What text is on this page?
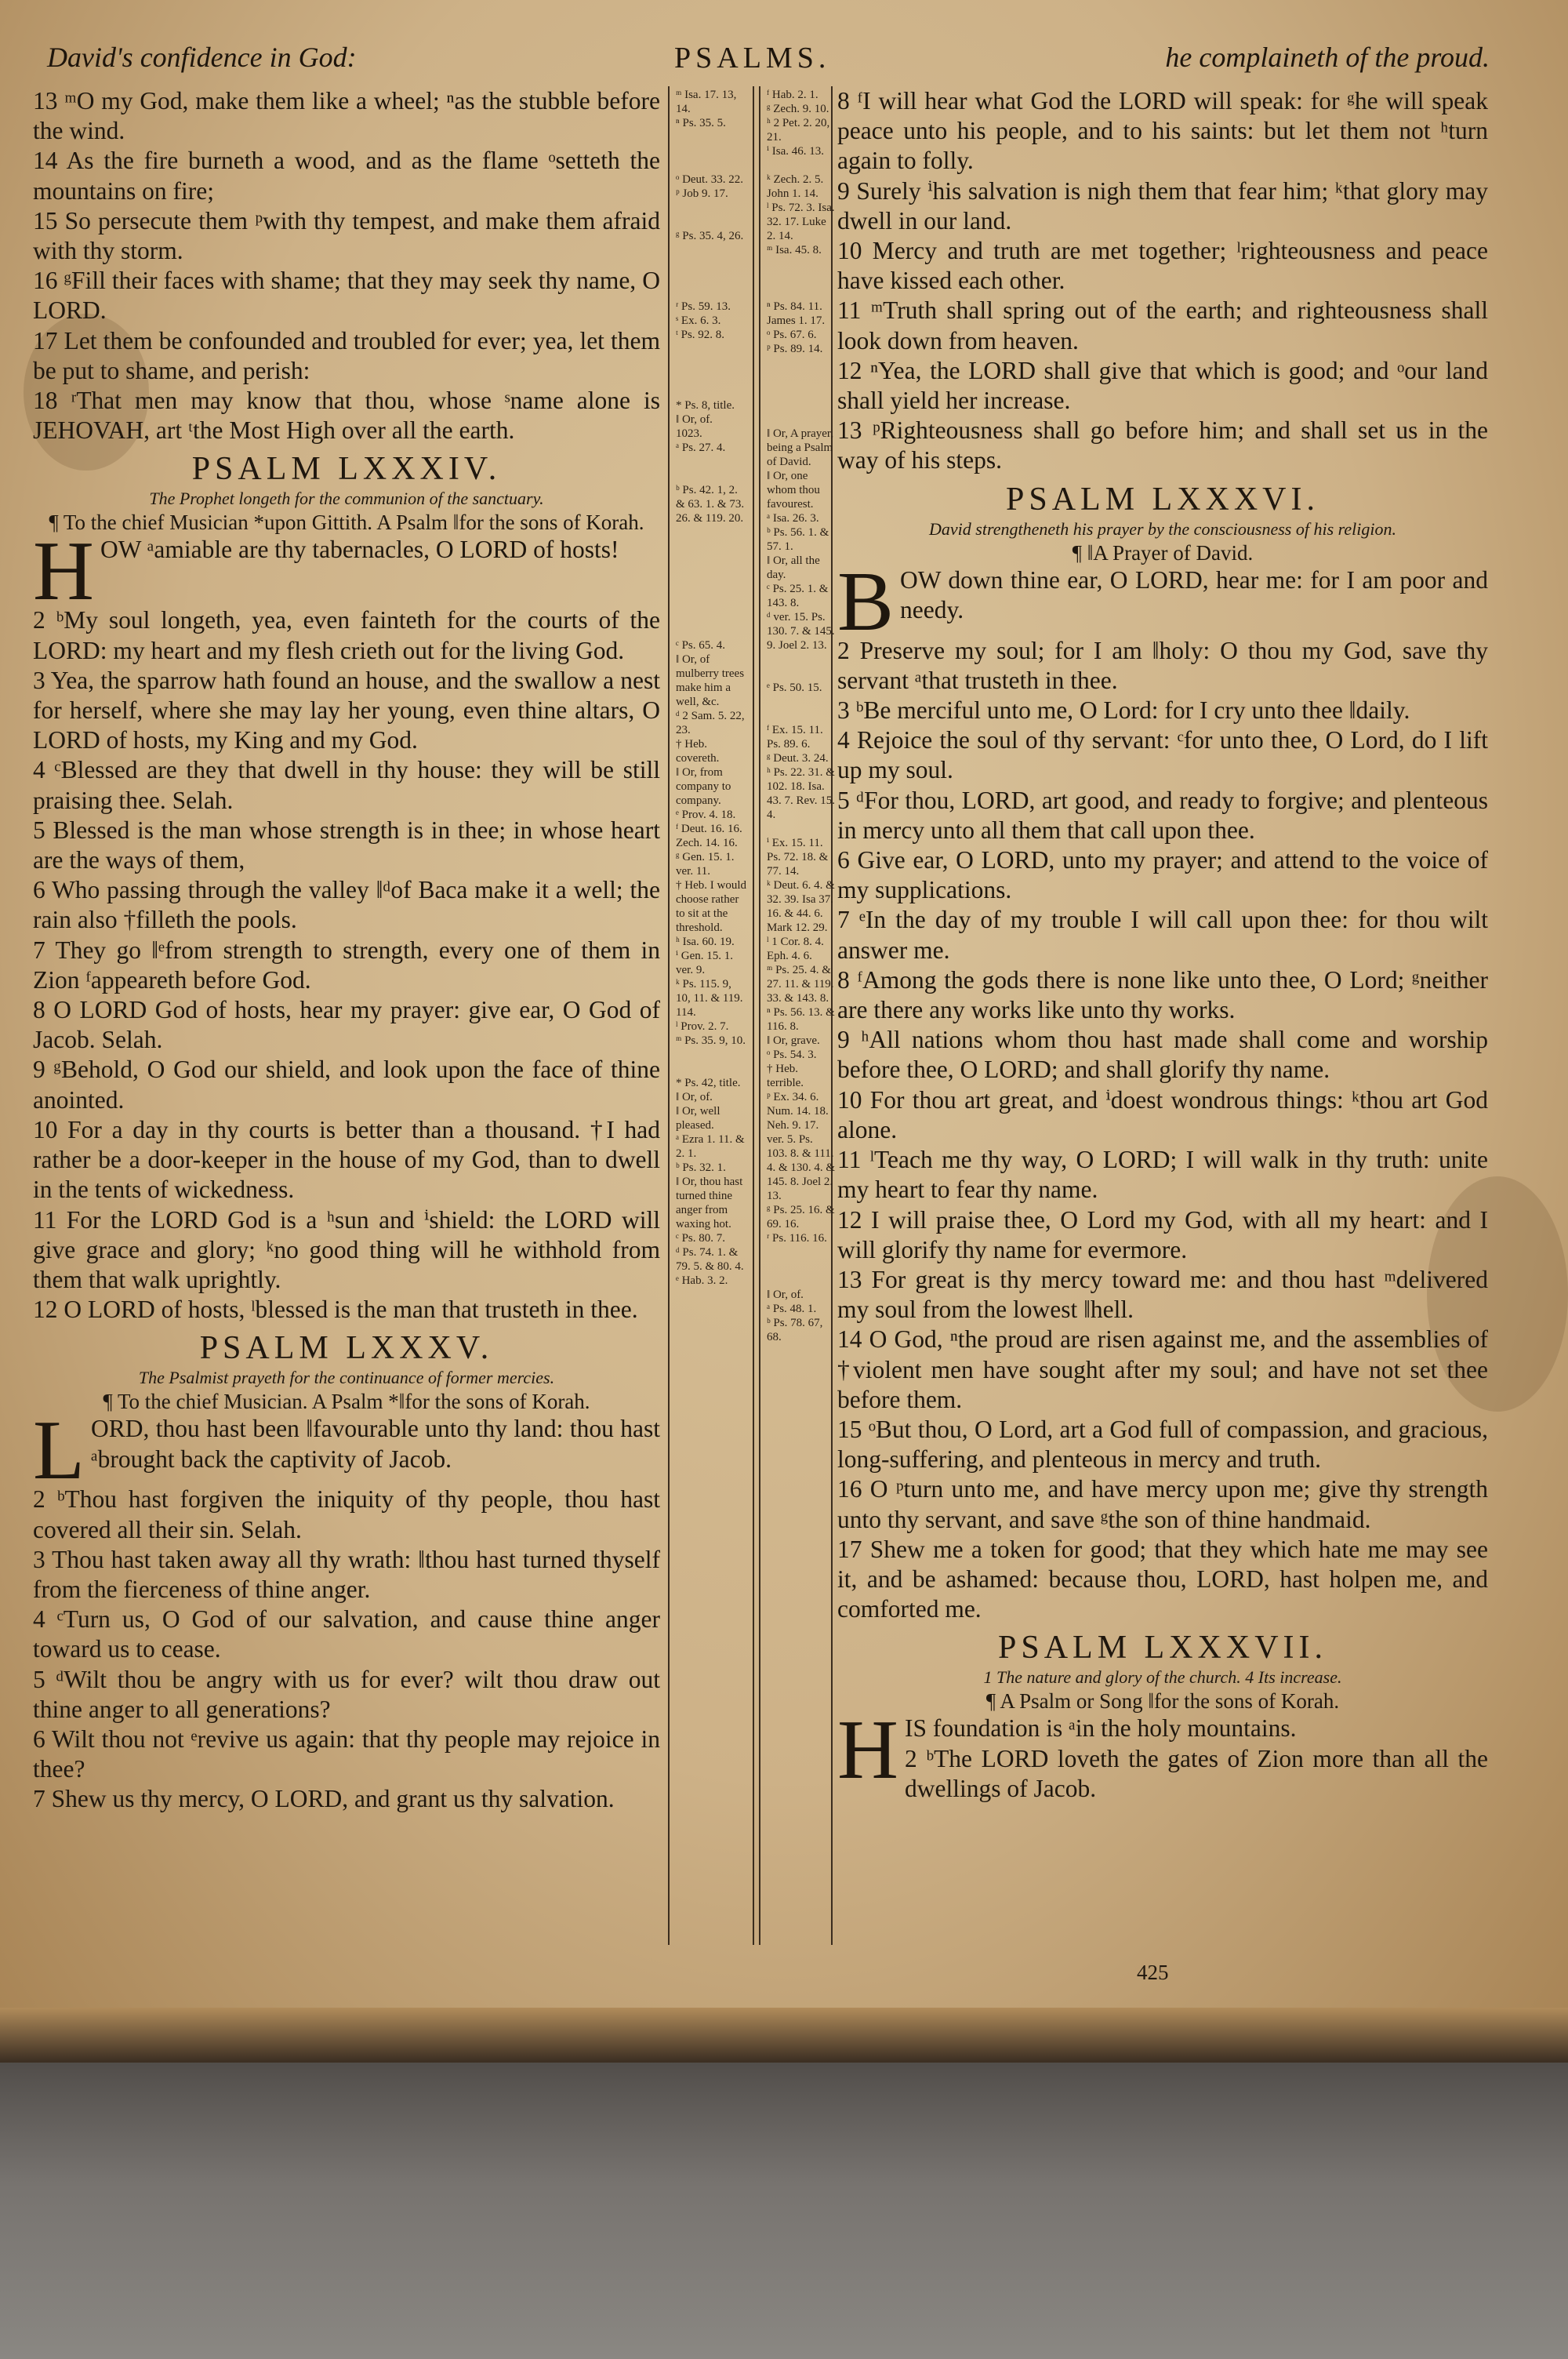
David's confidence in God:	PSALMS.	he complaineth of the proud.
ᵐ Isa. 17. 13, 14.
ⁿ Ps. 35. 5.

ᵒ Deut. 33. 22.
ᵖ Job 9. 17.

ᵍ Ps. 35. 4, 26.

ʳ Ps. 59. 13.
ˢ Ex. 6. 3.
ᵗ Ps. 92. 8.

* Ps. 8, title.
‖ Or, of.
1023.
ᵃ Ps. 27. 4.

ᵇ Ps. 42. 1, 2. & 63. 1. & 73. 26. & 119. 20.

ᶜ Ps. 65. 4.
‖ Or, of mulberry trees make him a well, &c.
ᵈ 2 Sam. 5. 22, 23.
† Heb. covereth.
‖ Or, from company to company.
ᵉ Prov. 4. 18.
ᶠ Deut. 16. 16. Zech. 14. 16.
ᵍ Gen. 15. 1. ver. 11.
† Heb. I would choose rather to sit at the threshold.
ʰ Isa. 60. 19.
ⁱ Gen. 15. 1. ver. 9.
ᵏ Ps. 115. 9, 10, 11. & 119. 114.
ˡ Prov. 2. 7.
ᵐ Ps. 35. 9, 10.

* Ps. 42, title.
‖ Or, of.
‖ Or, well pleased.
ᵃ Ezra 1. 11. & 2. 1.
ᵇ Ps. 32. 1.
‖ Or, thou hast turned thine anger from waxing hot.
ᶜ Ps. 80. 7.
ᵈ Ps. 74. 1. & 79. 5. & 80. 4.
ᵉ Hab. 3. 2.
ᶠ Hab. 2. 1.
ᵍ Zech. 9. 10.
ʰ 2 Pet. 2. 20, 21.
ⁱ Isa. 46. 13.

ᵏ Zech. 2. 5. John 1. 14.
ˡ Ps. 72. 3. Isa. 32. 17. Luke 2. 14.
ᵐ Isa. 45. 8.

ⁿ Ps. 84. 11. James 1. 17.
ᵒ Ps. 67. 6.
ᵖ Ps. 89. 14.

‖ Or, A prayer, being a Psalm of David.
‖ Or, one whom thou favourest.
ᵃ Isa. 26. 3.
ᵇ Ps. 56. 1. & 57. 1.
‖ Or, all the day.
ᶜ Ps. 25. 1. & 143. 8.
ᵈ ver. 15. Ps. 130. 7. & 145. 9. Joel 2. 13.

ᵉ Ps. 50. 15.

ᶠ Ex. 15. 11. Ps. 89. 6.
ᵍ Deut. 3. 24.
ʰ Ps. 22. 31. & 102. 18. Isa. 43. 7. Rev. 15. 4.

ⁱ Ex. 15. 11. Ps. 72. 18. & 77. 14.
ᵏ Deut. 6. 4. & 32. 39. Isa 37. 16. & 44. 6. Mark 12. 29.
ˡ 1 Cor. 8. 4. Eph. 4. 6.
ᵐ Ps. 25. 4. & 27. 11. & 119. 33. & 143. 8.
ⁿ Ps. 56. 13. & 116. 8.
‖ Or, grave.
ᵒ Ps. 54. 3.
† Heb. terrible.
ᵖ Ex. 34. 6. Num. 14. 18. Neh. 9. 17. ver. 5. Ps. 103. 8. & 111. 4. & 130. 4. & 145. 8. Joel 2. 13.
ᵍ Ps. 25. 16. & 69. 16.
ʳ Ps. 116. 16.

‖ Or, of.
ᵃ Ps. 48. 1.
ᵇ Ps. 78. 67, 68.

13 ᵐO my God, make them like a wheel; ⁿas the stubble before the wind.

14 As the fire burneth a wood, and as the flame ᵒsetteth the mountains on fire;

15 So persecute them ᵖwith thy tempest, and make them afraid with thy storm.

16 ᵍFill their faces with shame; that they may seek thy name, O LORD.

17 Let them be confounded and troubled for ever; yea, let them be put to shame, and perish:

18 ʳThat men may know that thou, whose ˢname alone is JEHOVAH, art ᵗthe Most High over all the earth.

PSALM LXXXIV.

The Prophet longeth for the communion of the sanctuary.

¶ To the chief Musician *upon Gittith. A Psalm ‖for the sons of Korah.

HOW ᵃamiable are thy tabernacles, O LORD of hosts!

2 ᵇMy soul longeth, yea, even fainteth for the courts of the LORD: my heart and my flesh crieth out for the living God.

3 Yea, the sparrow hath found an house, and the swallow a nest for herself, where she may lay her young, even thine altars, O LORD of hosts, my King and my God.

4 ᶜBlessed are they that dwell in thy house: they will be still praising thee. Selah.

5 Blessed is the man whose strength is in thee; in whose heart are the ways of them,

6 Who passing through the valley ‖ᵈof Baca make it a well; the rain also †filleth the pools.

7 They go ‖ᵉfrom strength to strength, every one of them in Zion ᶠappeareth before God.

8 O LORD God of hosts, hear my prayer: give ear, O God of Jacob. Selah.

9 ᵍBehold, O God our shield, and look upon the face of thine anointed.

10 For a day in thy courts is better than a thousand. †I had rather be a door-keeper in the house of my God, than to dwell in the tents of wickedness.

11 For the LORD God is a ʰsun and ⁱshield: the LORD will give grace and glory; ᵏno good thing will he withhold from them that walk uprightly.

12 O LORD of hosts, ˡblessed is the man that trusteth in thee.

PSALM LXXXV.

The Psalmist prayeth for the continuance of former mercies.

¶ To the chief Musician. A Psalm *‖for the sons of Korah.

LORD, thou hast been ‖favourable unto thy land: thou hast ᵃbrought back the captivity of Jacob.

2 ᵇThou hast forgiven the iniquity of thy people, thou hast covered all their sin. Selah.

3 Thou hast taken away all thy wrath: ‖thou hast turned thyself from the fierceness of thine anger.

4 ᶜTurn us, O God of our salvation, and cause thine anger toward us to cease.

5 ᵈWilt thou be angry with us for ever? wilt thou draw out thine anger to all generations?

6 Wilt thou not ᵉrevive us again: that thy people may rejoice in thee?

7 Shew us thy mercy, O LORD, and grant us thy salvation.

8 ᶠI will hear what God the LORD will speak: for ᵍhe will speak peace unto his people, and to his saints: but let them not ʰturn again to folly.

9 Surely ⁱhis salvation is nigh them that fear him; ᵏthat glory may dwell in our land.

10 Mercy and truth are met together; ˡrighteousness and peace have kissed each other.

11 ᵐTruth shall spring out of the earth; and righteousness shall look down from heaven.

12 ⁿYea, the LORD shall give that which is good; and ᵒour land shall yield her increase.

13 ᵖRighteousness shall go before him; and shall set us in the way of his steps.

PSALM LXXXVI.

David strengtheneth his prayer by the consciousness of his religion.

¶ ‖A Prayer of David.

BOW down thine ear, O LORD, hear me: for I am poor and needy.

2 Preserve my soul; for I am ‖holy: O thou my God, save thy servant ᵃthat trusteth in thee.

3 ᵇBe merciful unto me, O Lord: for I cry unto thee ‖daily.

4 Rejoice the soul of thy servant: ᶜfor unto thee, O Lord, do I lift up my soul.

5 ᵈFor thou, LORD, art good, and ready to forgive; and plenteous in mercy unto all them that call upon thee.

6 Give ear, O LORD, unto my prayer; and attend to the voice of my supplications.

7 ᵉIn the day of my trouble I will call upon thee: for thou wilt answer me.

8 ᶠAmong the gods there is none like unto thee, O Lord; ᵍneither are there any works like unto thy works.

9 ʰAll nations whom thou hast made shall come and worship before thee, O LORD; and shall glorify thy name.

10 For thou art great, and ⁱdoest wondrous things: ᵏthou art God alone.

11 ˡTeach me thy way, O LORD; I will walk in thy truth: unite my heart to fear thy name.

12 I will praise thee, O Lord my God, with all my heart: and I will glorify thy name for evermore.

13 For great is thy mercy toward me: and thou hast ᵐdelivered my soul from the lowest ‖hell.

14 O God, ⁿthe proud are risen against me, and the assemblies of †violent men have sought after my soul; and have not set thee before them.

15 ᵒBut thou, O Lord, art a God full of compassion, and gracious, long-suffering, and plenteous in mercy and truth.

16 O ᵖturn unto me, and have mercy upon me; give thy strength unto thy servant, and save ᵍthe son of thine handmaid.

17 Shew me a token for good; that they which hate me may see it, and be ashamed: because thou, LORD, hast holpen me, and comforted me.

PSALM LXXXVII.

1 The nature and glory of the church. 4 Its increase.

¶ A Psalm or Song ‖for the sons of Korah.

HIS foundation is ᵃin the holy mountains.

2 ᵇThe LORD loveth the gates of Zion more than all the dwellings of Jacob.

425
